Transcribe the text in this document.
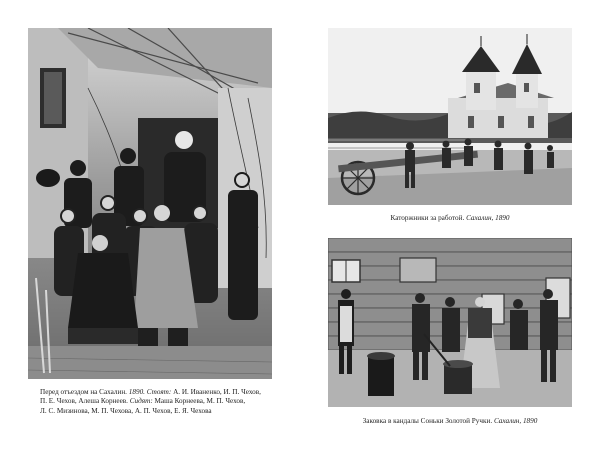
Перед отъездом на Сахалин. 1890. Стоят: А. И. Иваненко, И. П. Чехов,
П. Е. Чехов, Алеша Корнеев. Сидят: Маша Корнеева, М. П. Чехов,
Л. С. Мизинова, М. П. Чехова, А. П. Чехов, Е. Я. Чехова
Каторжники за работой. Сахалин, 1890
Заковка в кандалы Соньки Золотой Ручки. Сахалин, 1890
